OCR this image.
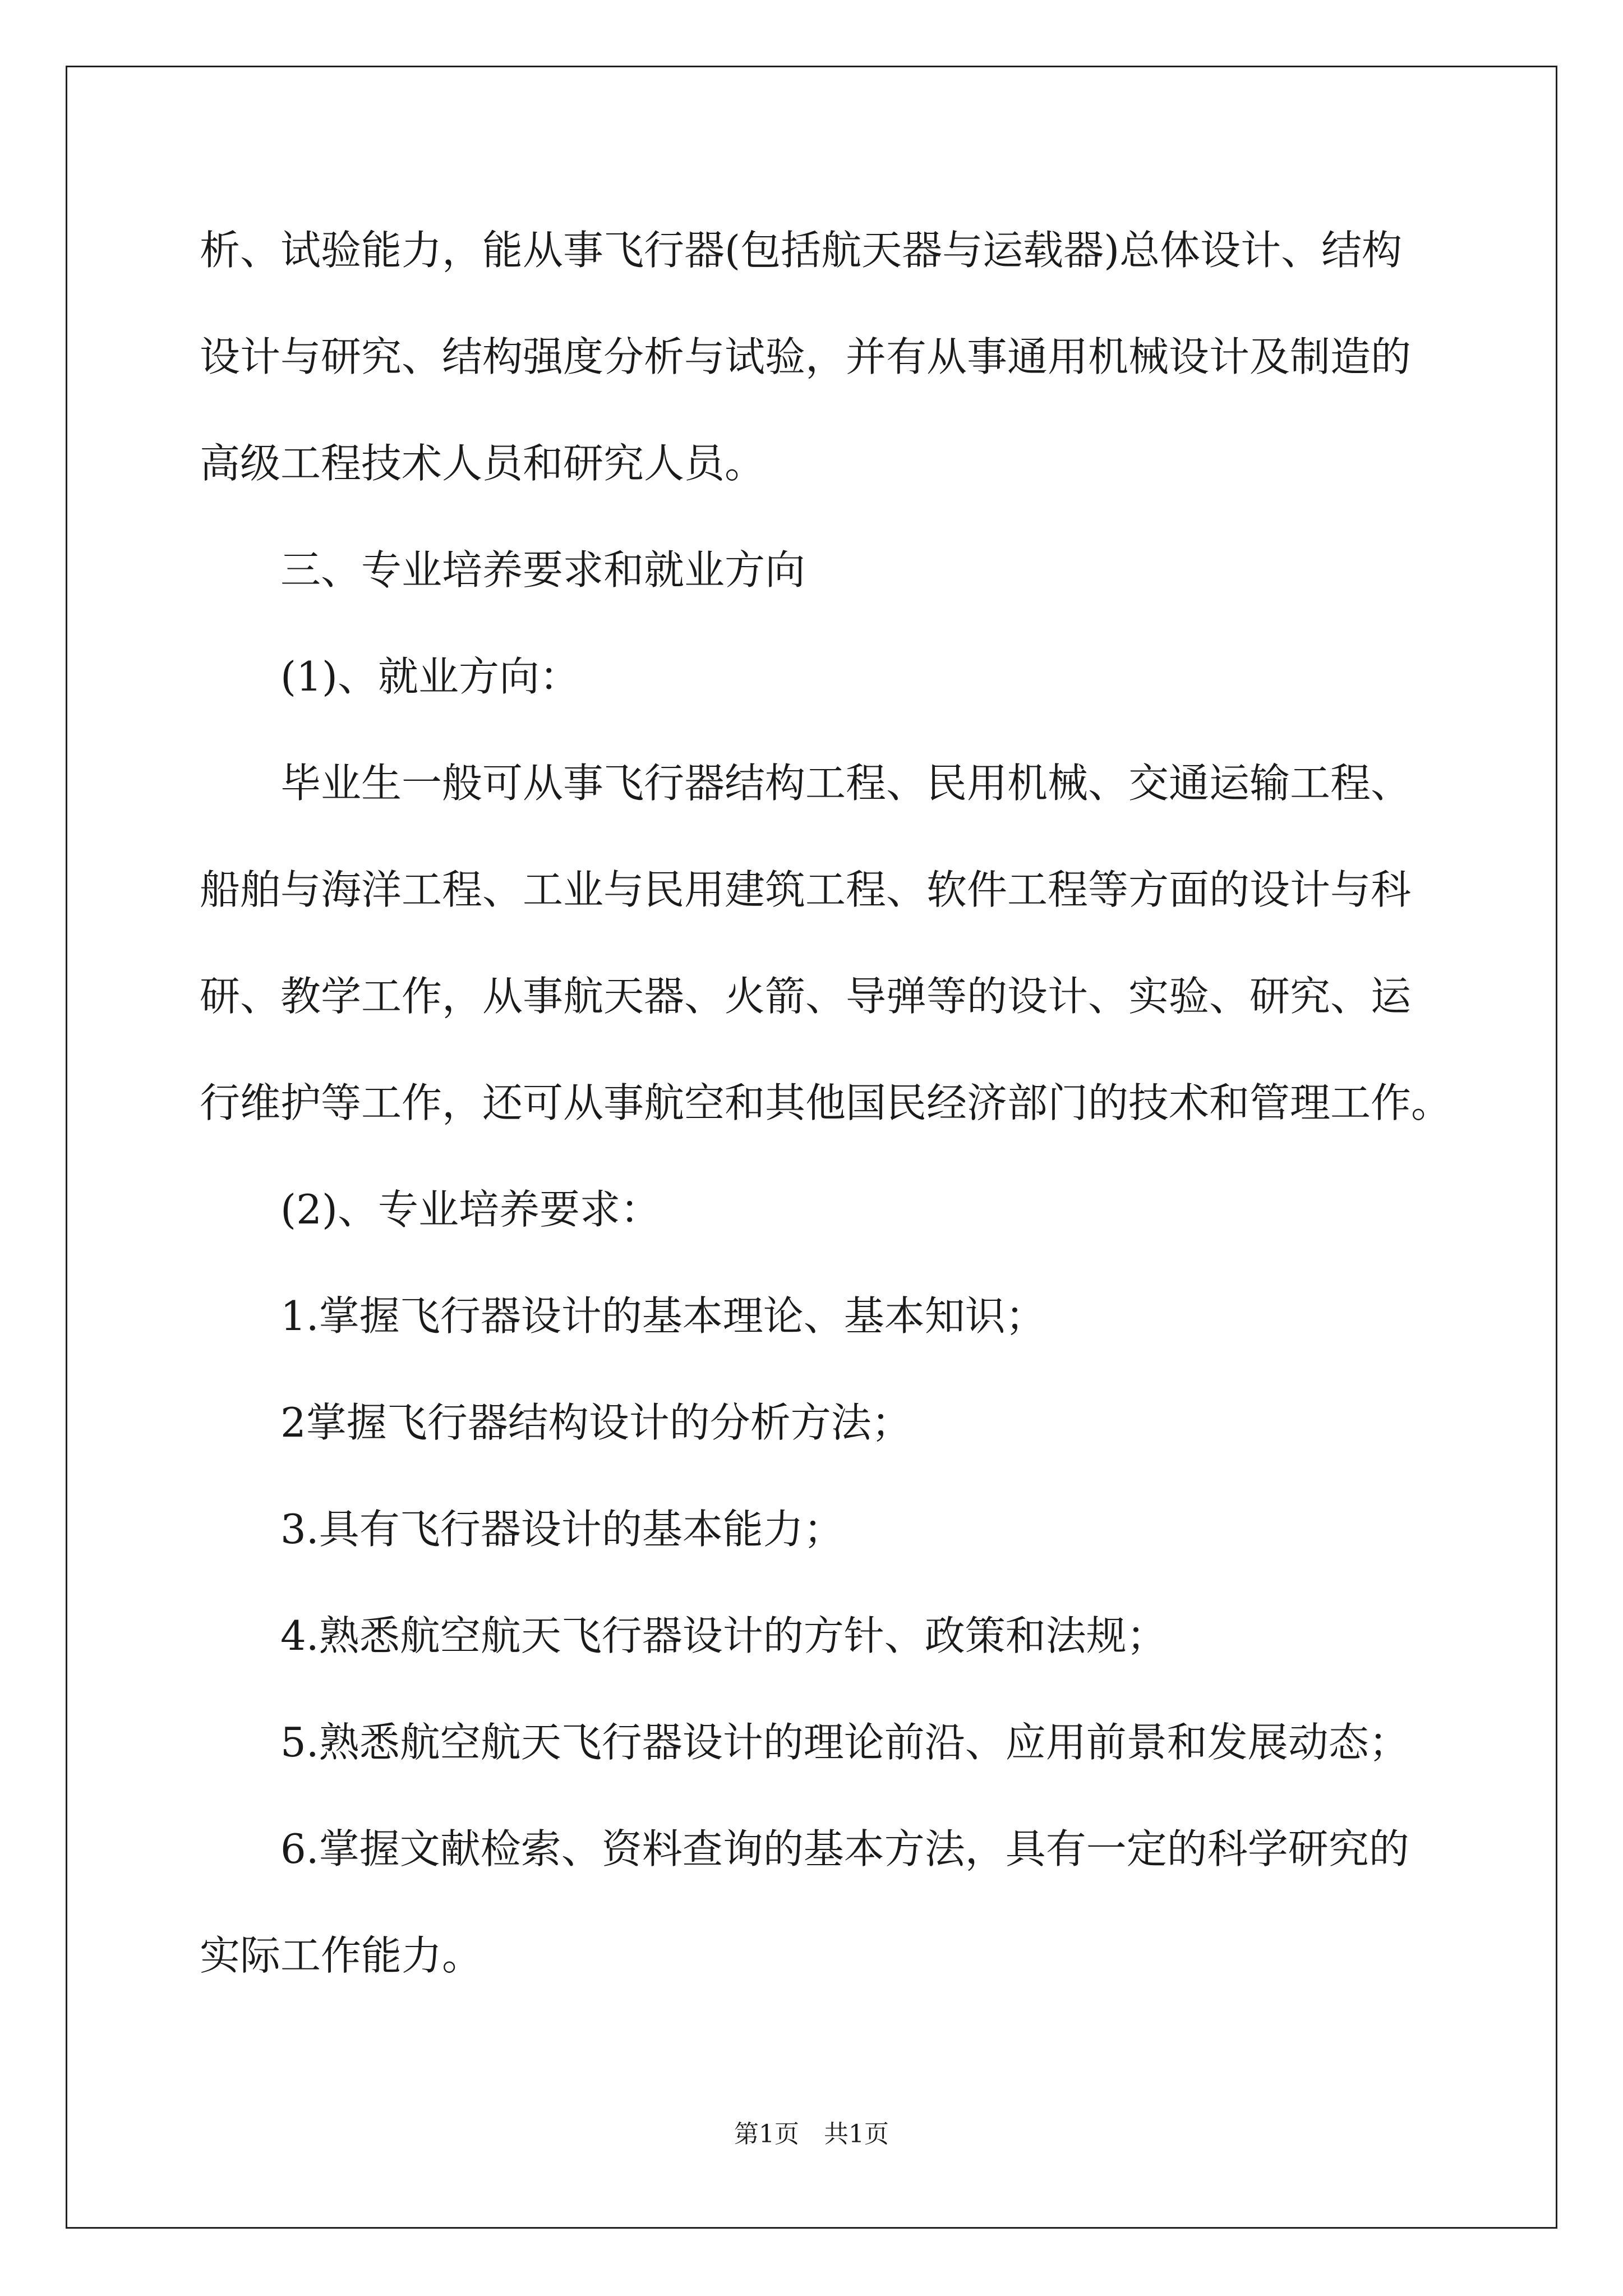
析、试验能力，能从事飞行器(包括航天器与运载器)总体设计、结构

设计与研究、结构强度分析与试验，并有从事通用机械设计及制造的

高级工程技术人员和研究人员。

三、专业培养要求和就业方向

(1)、就业方向：

毕业生一般可从事飞行器结构工程、民用机械、交通运输工程、

船舶与海洋工程、工业与民用建筑工程、软件工程等方面的设计与科

研、教学工作，从事航天器、火箭、导弹等的设计、实验、研究、运

行维护等工作，还可从事航空和其他国民经济部门的技术和管理工作。

(2)、专业培养要求：

1.掌握飞行器设计的基本理论、基本知识；

2掌握飞行器结构设计的分析方法；

3.具有飞行器设计的基本能力；

4.熟悉航空航天飞行器设计的方针、政策和法规；

5.熟悉航空航天飞行器设计的理论前沿、应用前景和发展动态；

6.掌握文献检索、资料查询的基本方法，具有一定的科学研究的

实际工作能力。

第1页　共1页
